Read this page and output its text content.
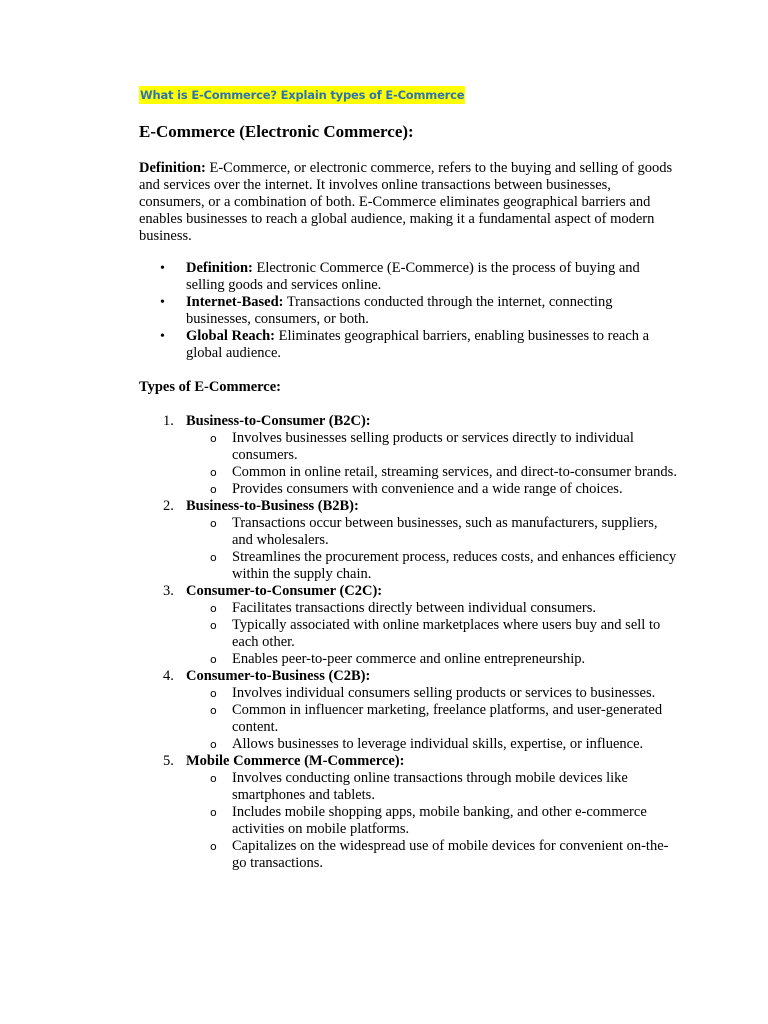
What is E-Commerce? Explain types of E-Commerce
E-Commerce (Electronic Commerce):

Definition: E-Commerce, or electronic commerce, refers to the buying and selling of goods and services over the internet. It involves online transactions between businesses, consumers, or a combination of both. E-Commerce eliminates geographical barriers and enables businesses to reach a global audience, making it a fundamental aspect of modern business.

• Definition: Electronic Commerce (E-Commerce) is the process of buying and selling goods and services online.
• Internet-Based: Transactions conducted through the internet, connecting businesses, consumers, or both.
• Global Reach: Eliminates geographical barriers, enabling businesses to reach a global audience.
Types of E-Commerce:
1. Business-to-Consumer (B2C):
o Involves businesses selling products or services directly to individual consumers.
o Common in online retail, streaming services, and direct-to-consumer brands.
o Provides consumers with convenience and a wide range of choices.
2. Business-to-Business (B2B):
o Transactions occur between businesses, such as manufacturers, suppliers, and wholesalers.
o Streamlines the procurement process, reduces costs, and enhances efficiency within the supply chain.
3. Consumer-to-Consumer (C2C):
o Facilitates transactions directly between individual consumers.
o Typically associated with online marketplaces where users buy and sell to each other.
o Enables peer-to-peer commerce and online entrepreneurship.
4. Consumer-to-Business (C2B):
o Involves individual consumers selling products or services to businesses.
o Common in influencer marketing, freelance platforms, and user-generated content.
o Allows businesses to leverage individual skills, expertise, or influence.
5. Mobile Commerce (M-Commerce):
o Involves conducting online transactions through mobile devices like smartphones and tablets.
o Includes mobile shopping apps, mobile banking, and other e-commerce activities on mobile platforms.
o Capitalizes on the widespread use of mobile devices for convenient on-the-go transactions.
